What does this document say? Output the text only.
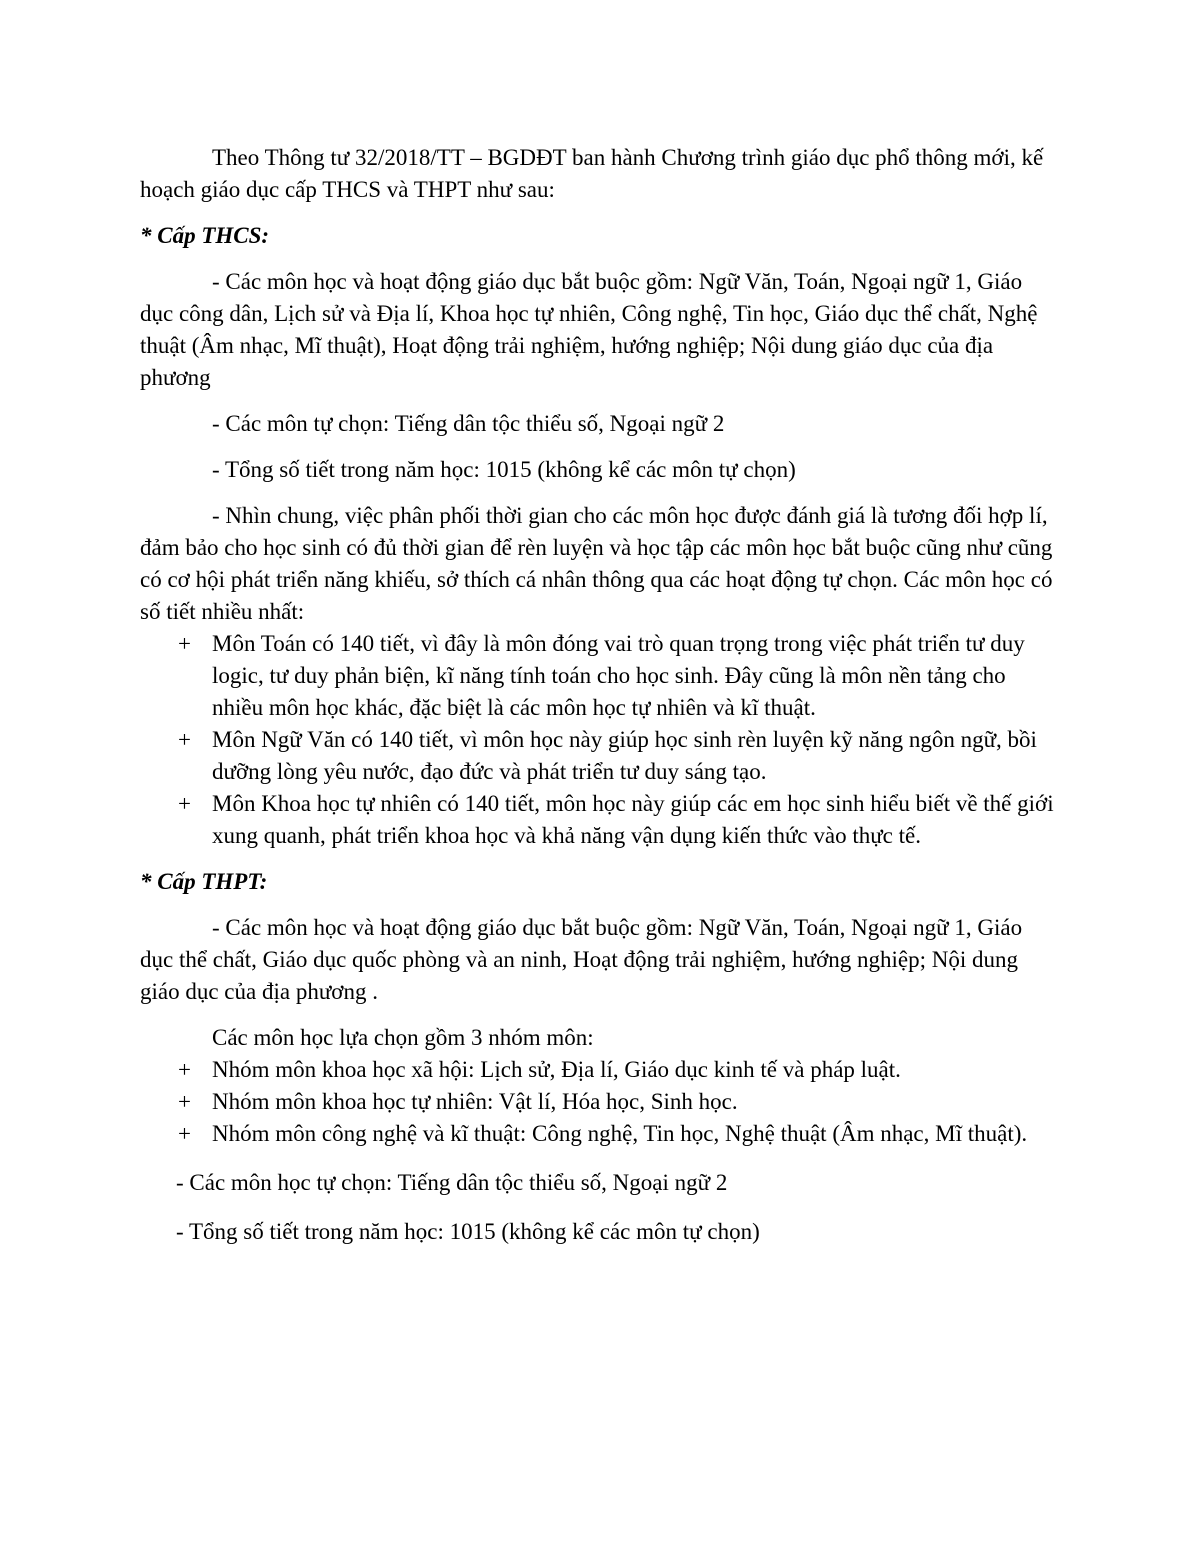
Theo Thông tư 32/2018/TT – BGDĐT ban hành Chương trình giáo dục phổ thông mới, kế hoạch giáo dục cấp THCS và THPT như sau:

* Cấp THCS:

- Các môn học và hoạt động giáo dục bắt buộc gồm: Ngữ Văn, Toán, Ngoại ngữ 1, Giáo dục công dân, Lịch sử và Địa lí, Khoa học tự nhiên, Công nghệ, Tin học, Giáo dục thể chất, Nghệ thuật (Âm nhạc, Mĩ thuật), Hoạt động trải nghiệm, hướng nghiệp; Nội dung giáo dục của địa phương

- Các môn tự chọn: Tiếng dân tộc thiểu số, Ngoại ngữ 2

- Tổng số tiết trong năm học: 1015 (không kể các môn tự chọn)

- Nhìn chung, việc phân phối thời gian cho các môn học được đánh giá là tương đối hợp lí, đảm bảo cho học sinh có đủ thời gian để rèn luyện và học tập các môn học bắt buộc cũng như cũng có cơ hội phát triển năng khiếu, sở thích cá nhân thông qua các hoạt động tự chọn. Các môn học có số tiết nhiều nhất:

+ Môn Toán có 140 tiết, vì đây là môn đóng vai trò quan trọng trong việc phát triển tư duy logic, tư duy phản biện, kĩ năng tính toán cho học sinh. Đây cũng là môn nền tảng cho nhiều môn học khác, đặc biệt là các môn học tự nhiên và kĩ thuật.
+ Môn Ngữ Văn có 140 tiết, vì môn học này giúp học sinh rèn luyện kỹ năng ngôn ngữ, bồi dưỡng lòng yêu nước, đạo đức và phát triển tư duy sáng tạo.
+ Môn Khoa học tự nhiên có 140 tiết, môn học này giúp các em học sinh hiểu biết về thế giới xung quanh, phát triển khoa học và khả năng vận dụng kiến thức vào thực tế.

* Cấp THPT:

- Các môn học và hoạt động giáo dục bắt buộc gồm: Ngữ Văn, Toán, Ngoại ngữ 1, Giáo dục thể chất, Giáo dục quốc phòng và an ninh, Hoạt động trải nghiệm, hướng nghiệp; Nội dung giáo dục của địa phương .

Các môn học lựa chọn gồm 3 nhóm môn:

+ Nhóm môn khoa học xã hội: Lịch sử, Địa lí, Giáo dục kinh tế và pháp luật.
+ Nhóm môn khoa học tự nhiên: Vật lí, Hóa học, Sinh học.
+ Nhóm môn công nghệ và kĩ thuật: Công nghệ, Tin học, Nghệ thuật (Âm nhạc, Mĩ thuật).

- Các môn học tự chọn: Tiếng dân tộc thiểu số, Ngoại ngữ 2

- Tổng số tiết trong năm học: 1015 (không kể các môn tự chọn)
